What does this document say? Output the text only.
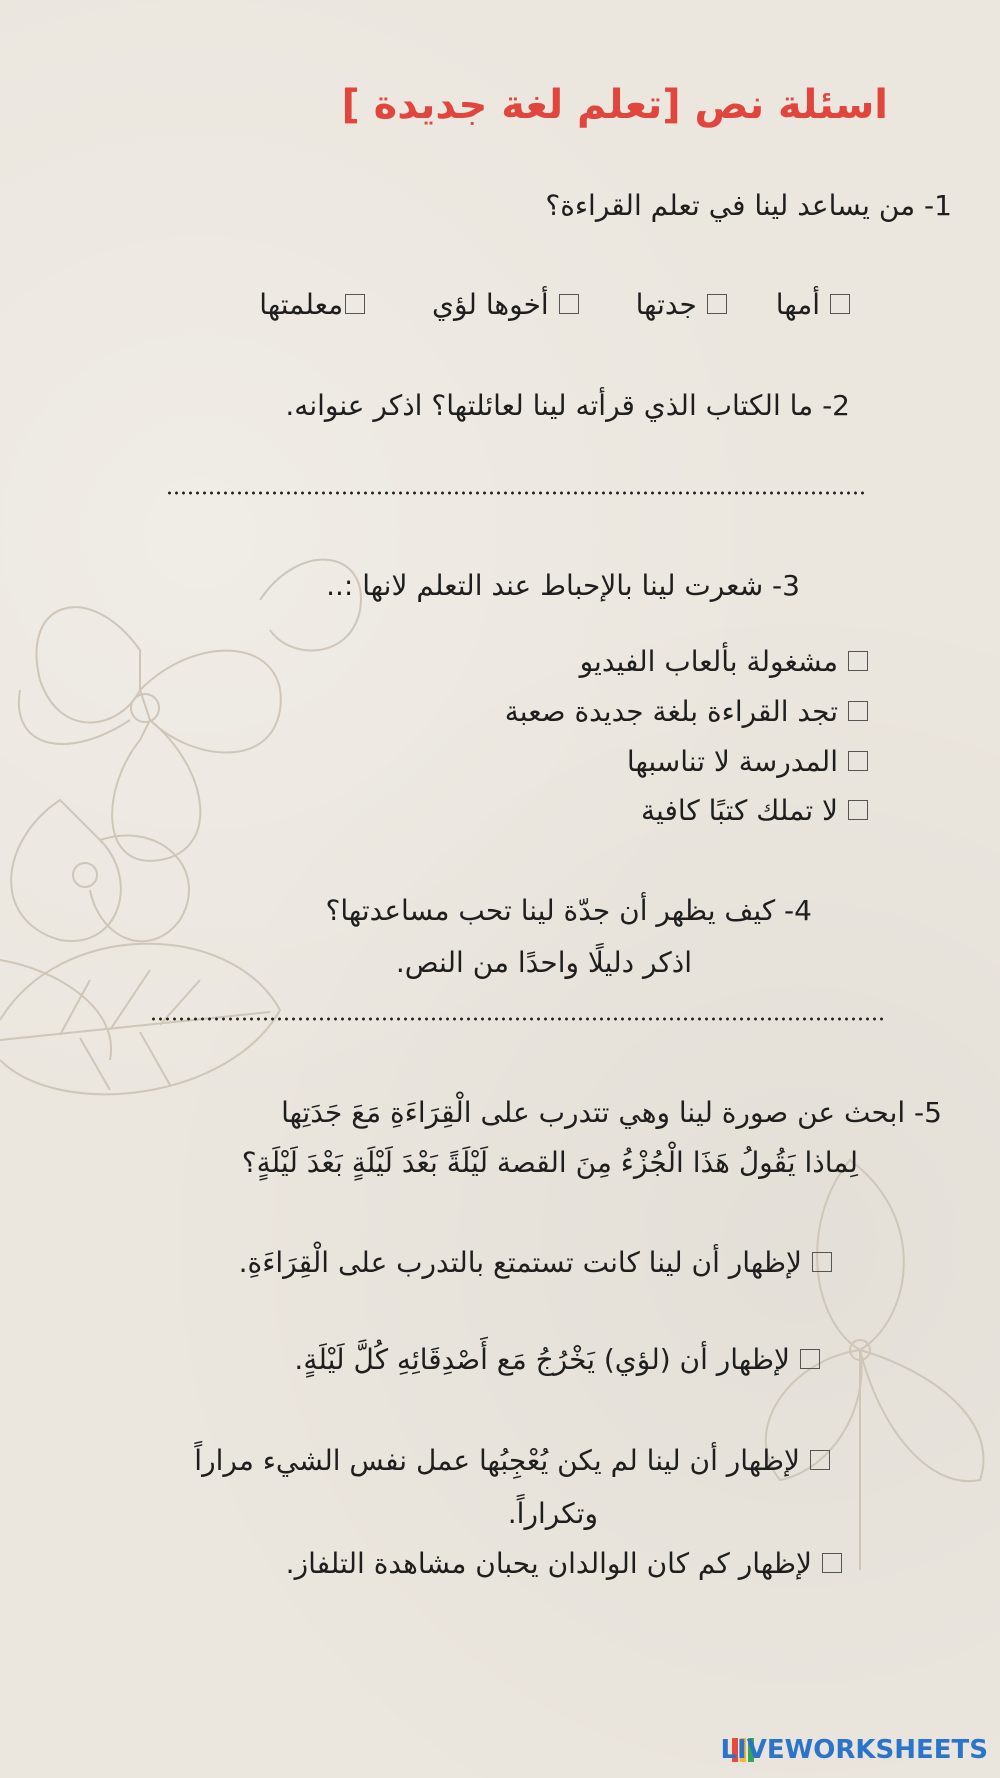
اسئلة نص [تعلم لغة جديدة ]
1- من يساعد لينا في تعلم القراءة؟
أمها جدتها أخوها لؤي معلمتها
2- ما الكتاب الذي قرأته لينا لعائلتها؟ اذكر عنوانه.
3- شعرت لينا بالإحباط عند التعلم لانها :..
مشغولة بألعاب الفيديو
تجد القراءة بلغة جديدة صعبة
المدرسة لا تناسبها
لا تملك كتبًا كافية
4- كيف يظهر أن جدّة لينا تحب مساعدتها؟
اذكر دليلًا واحدًا من النص.
5- ابحث عن صورة لينا وهي تتدرب على الْقِرَاءَةِ مَعَ جَدَتِها
لِماذا يَقُولُ هَذَا الْجُزْءُ مِنَ القصة لَيْلَةً بَعْدَ لَيْلَةٍ بَعْدَ لَيْلَةٍ؟
لإظهار أن لينا كانت تستمتع بالتدرب على الْقِرَاءَةِ.
لإظهار أن (لؤي) يَخْرُجُ مَع أَصْدِقَائِهِ كُلَّ لَيْلَةٍ.
لإظهار أن لينا لم يكن يُعْجِبُها عمل نفس الشيء مراراً
وتكراراً.
لإظهار كم كان الوالدان يحبان مشاهدة التلفاز.
LIVEWORKSHEETS
